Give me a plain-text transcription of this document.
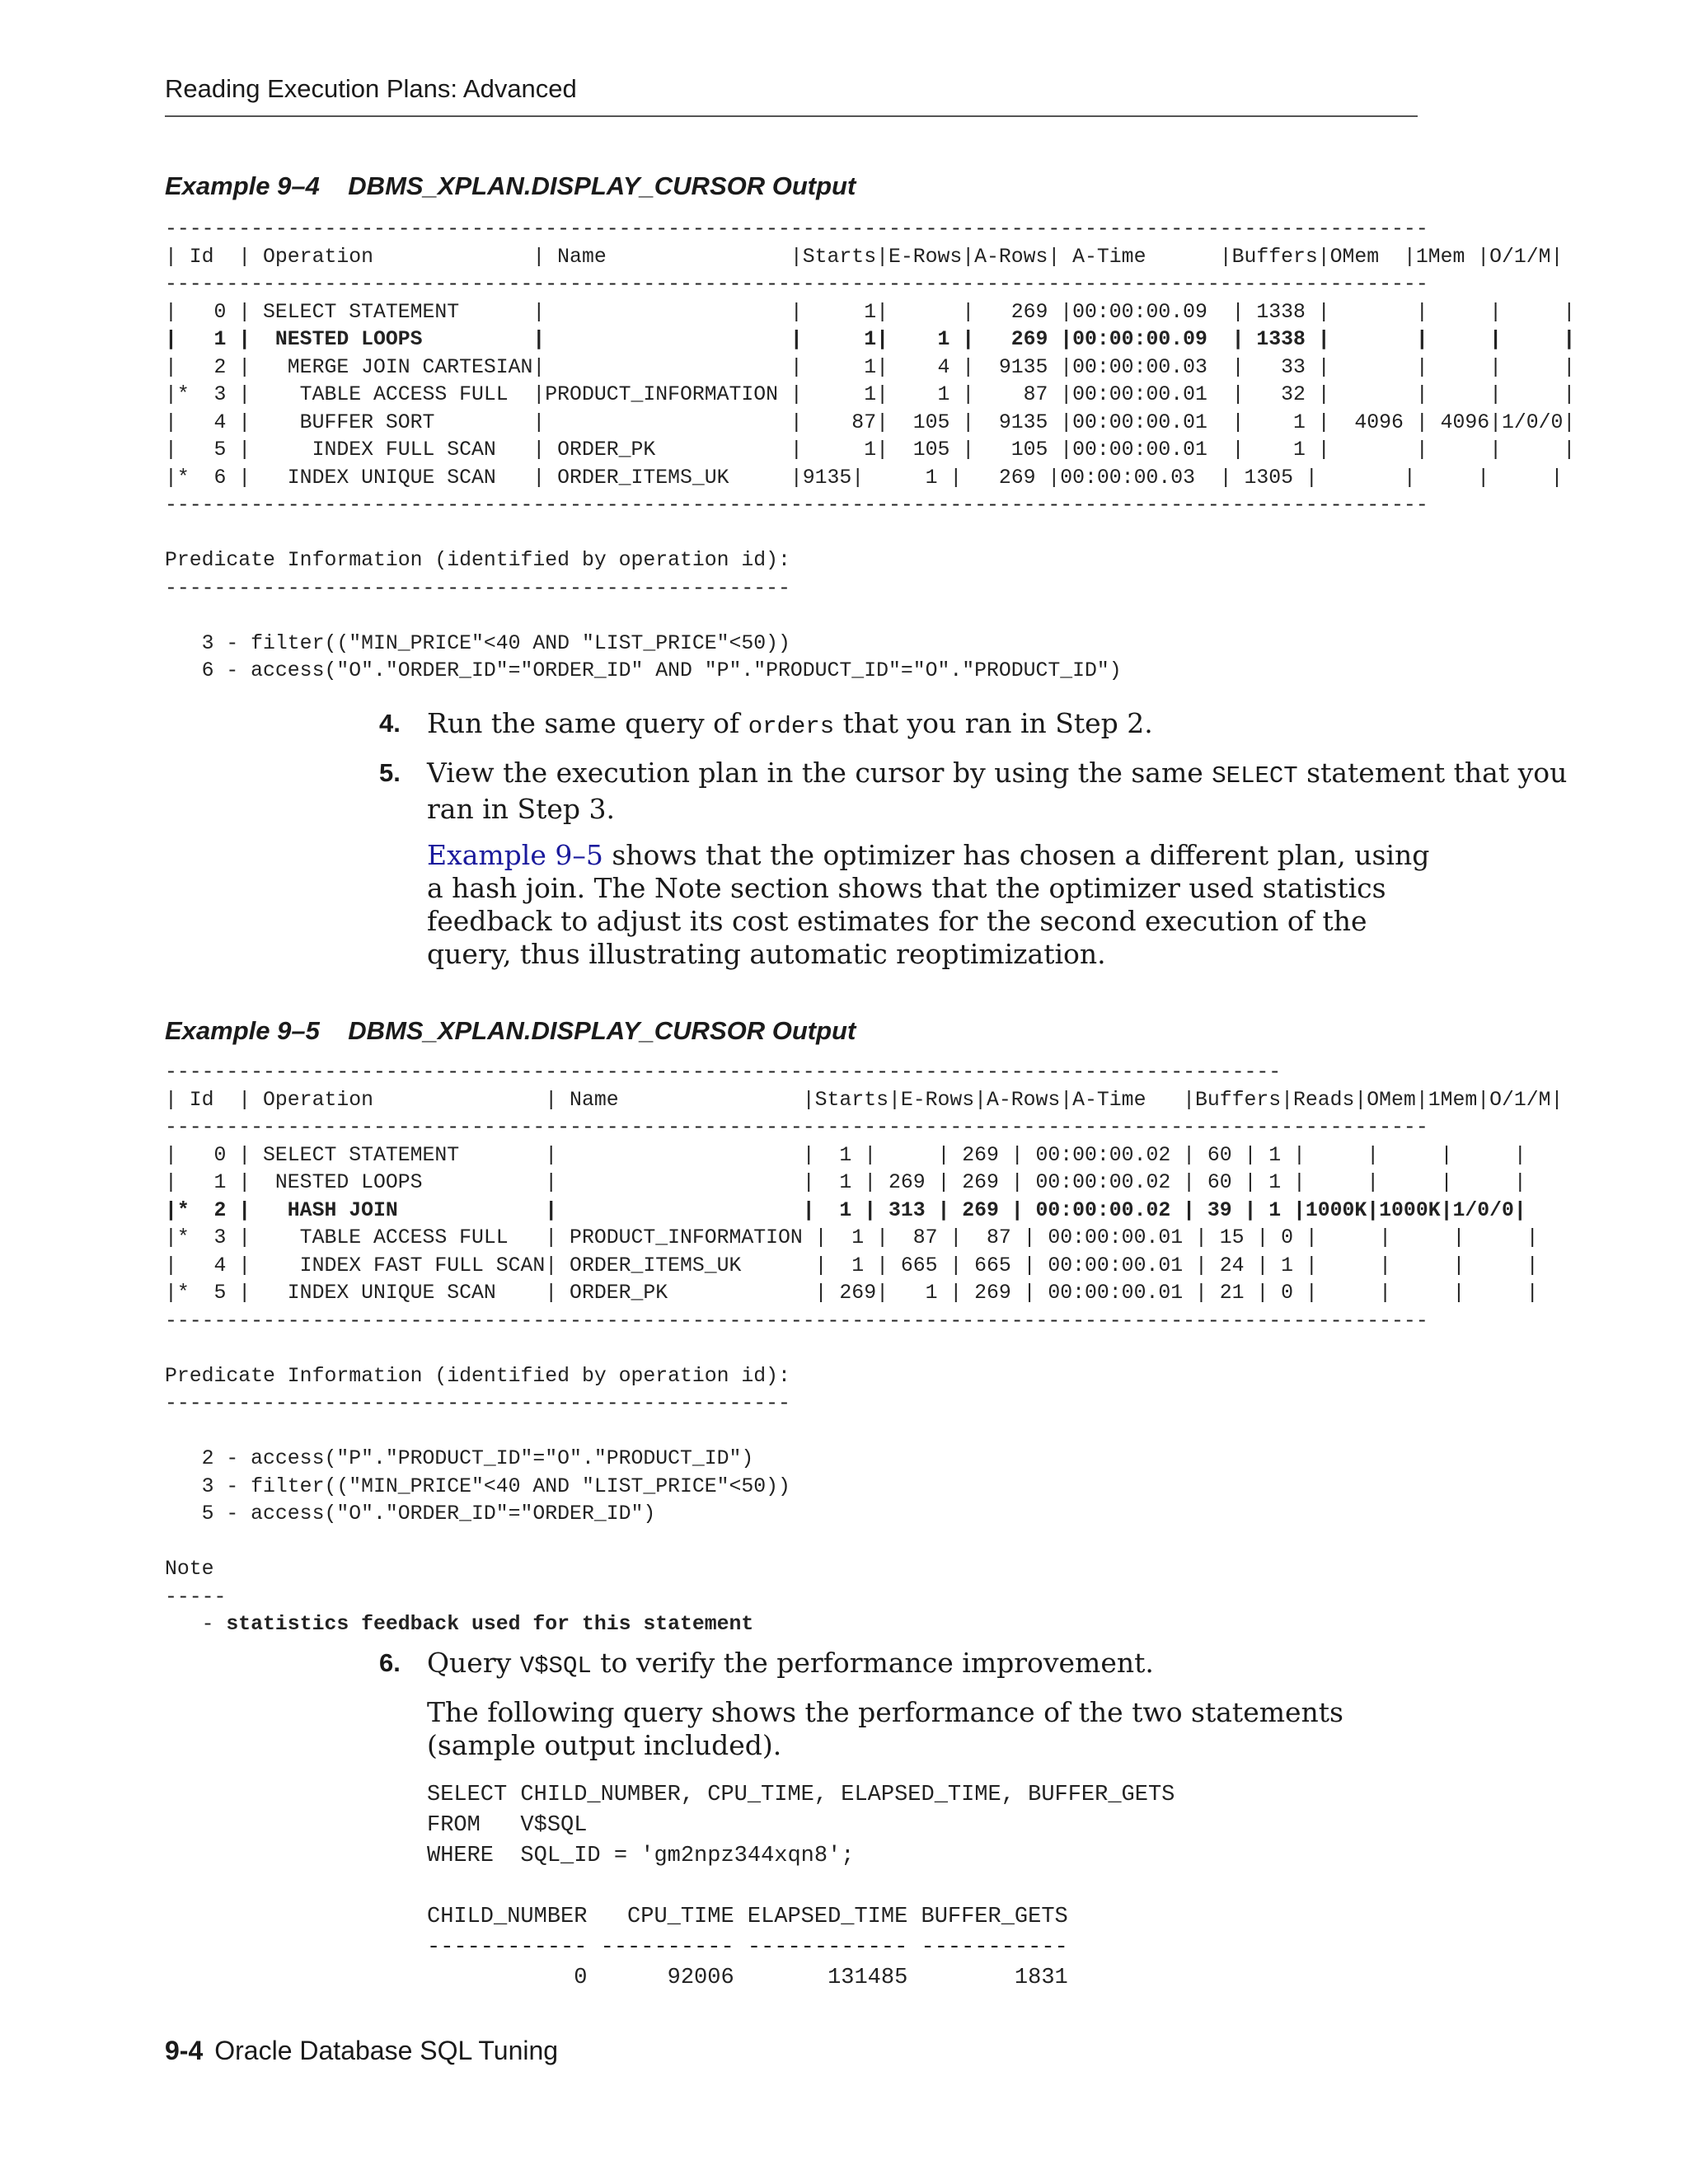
Reading Execution Plans: Advanced
Example 9–4    DBMS_XPLAN.DISPLAY_CURSOR Output
-------------------------------------------------------------------------------------------------------
| Id  | Operation             | Name               |Starts|E-Rows|A-Rows| A-Time      |Buffers|OMem  |1Mem |O/1/M|
-------------------------------------------------------------------------------------------------------
|   0 | SELECT STATEMENT      |                    |     1|      |   269 |00:00:00.09  | 1338 |       |     |     |
|   1 |  NESTED LOOPS         |                    |     1|    1 |   269 |00:00:00.09  | 1338 |       |     |     |
|   2 |   MERGE JOIN CARTESIAN|                    |     1|    4 |  9135 |00:00:00.03  |   33 |       |     |     |
|*  3 |    TABLE ACCESS FULL  |PRODUCT_INFORMATION |     1|    1 |    87 |00:00:00.01  |   32 |       |     |     |
|   4 |    BUFFER SORT        |                    |    87|  105 |  9135 |00:00:00.01  |    1 |  4096 | 4096|1/0/0|
|   5 |     INDEX FULL SCAN   | ORDER_PK           |     1|  105 |   105 |00:00:00.01  |    1 |       |     |     |
|*  6 |   INDEX UNIQUE SCAN   | ORDER_ITEMS_UK     |9135|     1 |   269 |00:00:00.03  | 1305 |       |     |     |
-------------------------------------------------------------------------------------------------------

Predicate Information (identified by operation id):
---------------------------------------------------

3 - filter(("MIN_PRICE"<40 AND "LIST_PRICE"<50))
6 - access("O"."ORDER_ID"="ORDER_ID" AND "P"."PRODUCT_ID"="O"."PRODUCT_ID")
4. Run the same query of orders that you ran in Step 2.
5. View the execution plan in the cursor by using the same SELECT statement that you
ran in Step 3.
Example 9–5 shows that the optimizer has chosen a different plan, using a hash join. The Note section shows that the optimizer used statistics feedback to adjust its cost estimates for the second execution of the query, thus illustrating automatic reoptimization.
Example 9–5    DBMS_XPLAN.DISPLAY_CURSOR Output
-------------------------------------------------------------------------------------------
| Id  | Operation              | Name               |Starts|E-Rows|A-Rows|A-Time   |Buffers|Reads|OMem|1Mem|O/1/M|
-------------------------------------------------------------------------------------------------------
|   0 | SELECT STATEMENT       |                    |  1 |     | 269 | 00:00:00.02 | 60 | 1 |     |     |     |
|   1 |  NESTED LOOPS          |                    |  1 | 269 | 269 | 00:00:00.02 | 60 | 1 |     |     |     |
|*  2 |   HASH JOIN            |                    |  1 | 313 | 269 | 00:00:00.02 | 39 | 1 |1000K|1000K|1/0/0|
|*  3 |    TABLE ACCESS FULL   | PRODUCT_INFORMATION |  1 |  87 |  87 | 00:00:00.01 | 15 | 0 |     |     |     |
|   4 |    INDEX FAST FULL SCAN| ORDER_ITEMS_UK      |  1 | 665 | 665 | 00:00:00.01 | 24 | 1 |     |     |     |
|*  5 |   INDEX UNIQUE SCAN    | ORDER_PK            | 269|   1 | 269 | 00:00:00.01 | 21 | 0 |     |     |     |
-------------------------------------------------------------------------------------------------------

Predicate Information (identified by operation id):
---------------------------------------------------

2 - access("P"."PRODUCT_ID"="O"."PRODUCT_ID")
3 - filter(("MIN_PRICE"<40 AND "LIST_PRICE"<50))
5 - access("O"."ORDER_ID"="ORDER_ID")

Note
-----
- statistics feedback used for this statement
6. Query V$SQL to verify the performance improvement.
The following query shows the performance of the two statements (sample output included).
SELECT CHILD_NUMBER, CPU_TIME, ELAPSED_TIME, BUFFER_GETS
FROM   V$SQL
WHERE  SQL_ID = 'gm2npz344xqn8';

CHILD_NUMBER   CPU_TIME ELAPSED_TIME BUFFER_GETS
------------ ---------- ------------ -----------
0      92006       131485        1831
9-4 Oracle Database SQL Tuning
